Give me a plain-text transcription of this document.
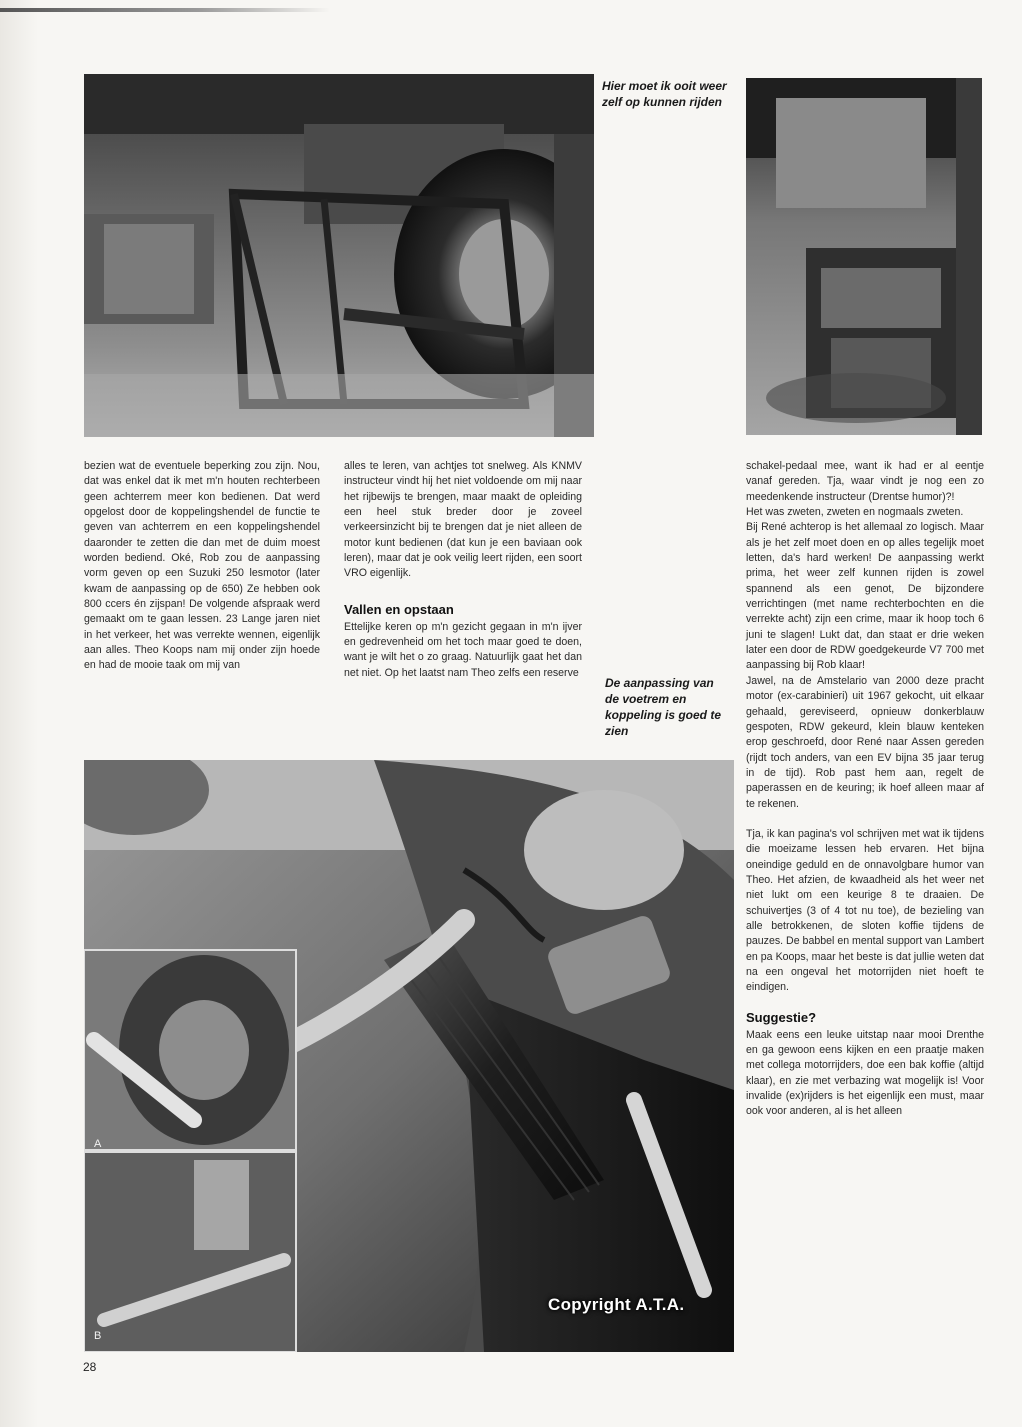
Hier moet ik ooit weer zelf op kunnen rijden

bezien wat de eventuele beperking zou zijn. Nou, dat was enkel dat ik met m'n houten rechterbeen geen achterrem meer kon bedienen. Dat werd opgelost door de koppelingshendel de functie te geven van achterrem en een koppelingshendel daaronder te zetten die dan met de duim moest worden bediend. Oké, Rob zou de aanpassing vorm geven op een Suzuki 250 lesmotor (later kwam de aanpassing op de 650) Ze hebben ook 800 ccers én zijspan! De volgende afspraak werd gemaakt om te gaan lessen. 23 Lange jaren niet in het verkeer, het was verrekte wennen, eigenlijk aan alles. Theo Koops nam mij onder zijn hoede en had de mooie taak om mij van

alles te leren, van achtjes tot snelweg. Als KNMV instructeur vindt hij het niet voldoende om mij naar het rijbewijs te brengen, maar maakt de opleiding een heel stuk breder door je zoveel verkeersinzicht bij te brengen dat je niet alleen de motor kunt bedienen (dat kun je een baviaan ook leren), maar dat je ook veilig leert rijden, een soort VRO eigenlijk.

Vallen en opstaan

Ettelijke keren op m'n gezicht gegaan in m'n ijver en gedrevenheid om het toch maar goed te doen, want je wilt het o zo graag. Natuurlijk gaat het dan net niet. Op het laatst nam Theo zelfs een reserve

De aanpassing van de voetrem en koppeling is goed te zien

schakel-pedaal mee, want ik had er al eentje vanaf gereden. Tja, waar vindt je nog een zo meedenkende instructeur (Drentse humor)?!

Het was zweten, zweten en nogmaals zweten.

Bij René achterop is het allemaal zo logisch. Maar als je het zelf moet doen en op alles tegelijk moet letten, da's hard werken! De aanpassing werkt prima, het weer zelf kunnen rijden is zowel spannend als een genot, De bijzondere verrichtingen (met name rechterbochten en die verrekte acht) zijn een crime, maar ik hoop toch 6 juni te slagen! Lukt dat, dan staat er drie weken later een door de RDW goedgekeurde V7 700 met aanpassing bij Rob klaar!

Jawel, na de Amstelario van 2000 deze pracht motor (ex-carabinieri) uit 1967 gekocht, uit elkaar gehaald, gereviseerd, opnieuw donkerblauw gespoten, RDW gekeurd, klein blauw kenteken erop geschroefd, door René naar Assen gereden (rijdt toch anders, van een EV bijna 35 jaar terug in de tijd). Rob past hem aan, regelt de paperassen en de keuring; ik hoef alleen maar af te rekenen.

Tja, ik kan pagina's vol schrijven met wat ik tijdens die moeizame lessen heb ervaren. Het bijna oneindige geduld en de onnavolgbare humor van Theo. Het afzien, de kwaadheid als het weer net niet lukt om een keurige 8 te draaien. De schuivertjes (3 of 4 tot nu toe), de bezieling van alle betrokkenen, de sloten koffie tijdens de pauzes. De babbel en mental support van Lambert en pa Koops, maar het beste is dat jullie weten dat na een ongeval het motorrijden niet hoeft te eindigen.

Suggestie?

Maak eens een leuke uitstap naar mooi Drenthe en ga gewoon eens kijken en een praatje maken met collega motorrijders, doe een bak koffie (altijd klaar), en zie met verbazing wat mogelijk is! Voor invalide (ex)rijders is het eigenlijk een must, maar ook voor anderen, al is het alleen

A
B
Copyright A.T.A.
28
